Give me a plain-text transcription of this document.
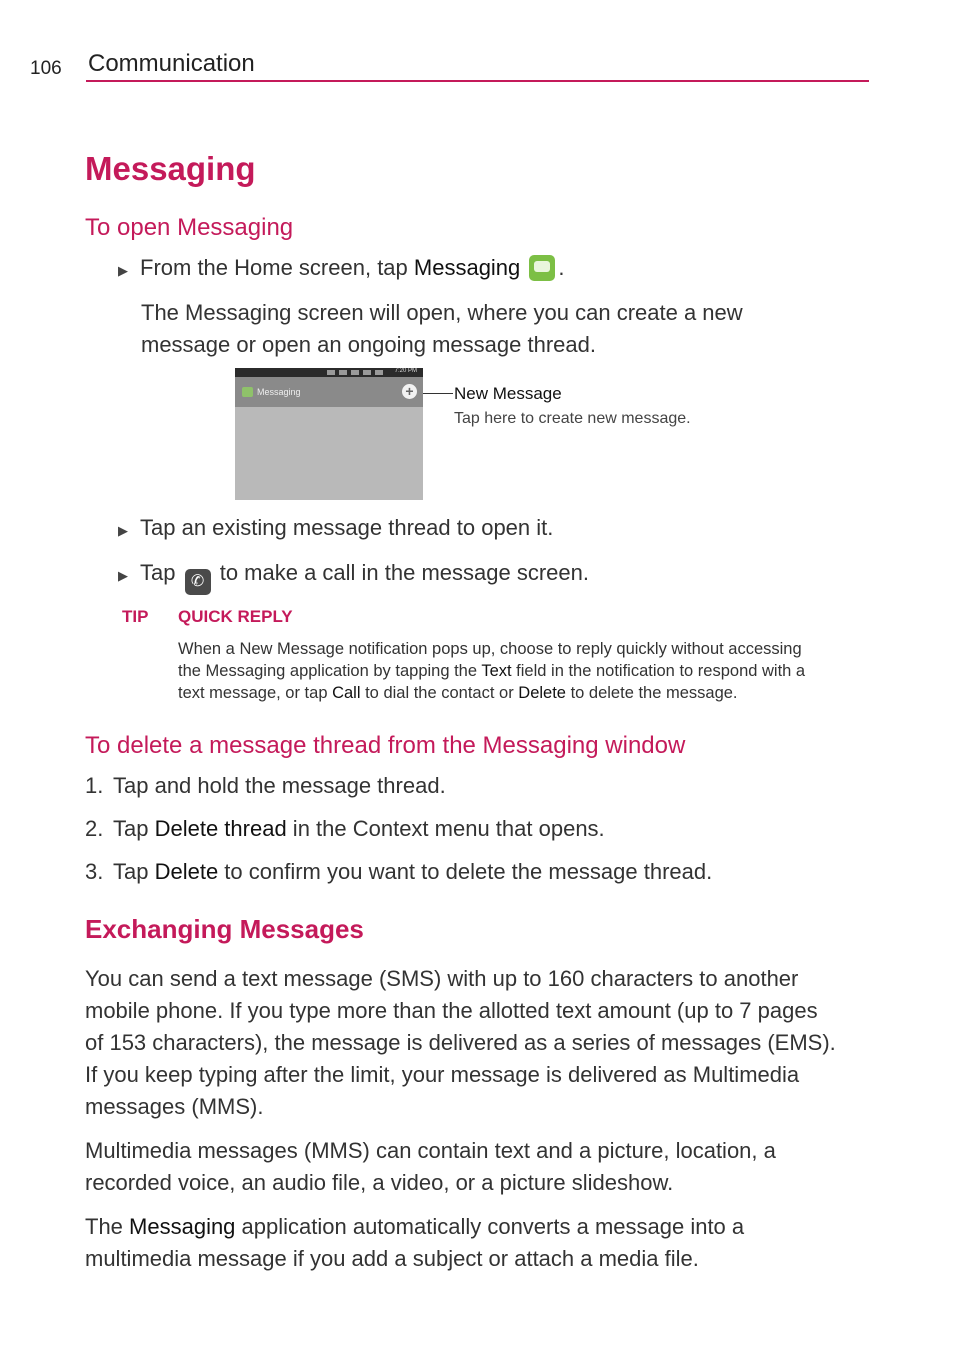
106 Communication
Messaging
To open Messaging
▶ From the Home screen, tap Messaging .
The Messaging screen will open, where you can create a new
message or open an ongoing message thread.
7:20 PM
Messaging	+ New Message
Tap here to create new message.
▶ Tap an existing message thread to open it.
▶ Tap ✆ to make a call in the message screen.
TIP QUICK REPLY
When a New Message notification pops up, choose to reply quickly without accessing
the Messaging application by tapping the Text field in the notification to respond with a
text message, or tap Call to dial the contact or Delete to delete the message.
To delete a message thread from the Messaging window
1. Tap and hold the message thread.
2. Tap Delete thread in the Context menu that opens.
3. Tap Delete to confirm you want to delete the message thread.
Exchanging Messages
You can send a text message (SMS) with up to 160 characters to another
mobile phone. If you type more than the allotted text amount (up to 7 pages
of 153 characters), the message is delivered as a series of messages (EMS).
If you keep typing after the limit, your message is delivered as Multimedia
messages (MMS).
Multimedia messages (MMS) can contain text and a picture, location, a
recorded voice, an audio file, a video, or a picture slideshow.
The Messaging application automatically converts a message into a
multimedia message if you add a subject or attach a media file.
